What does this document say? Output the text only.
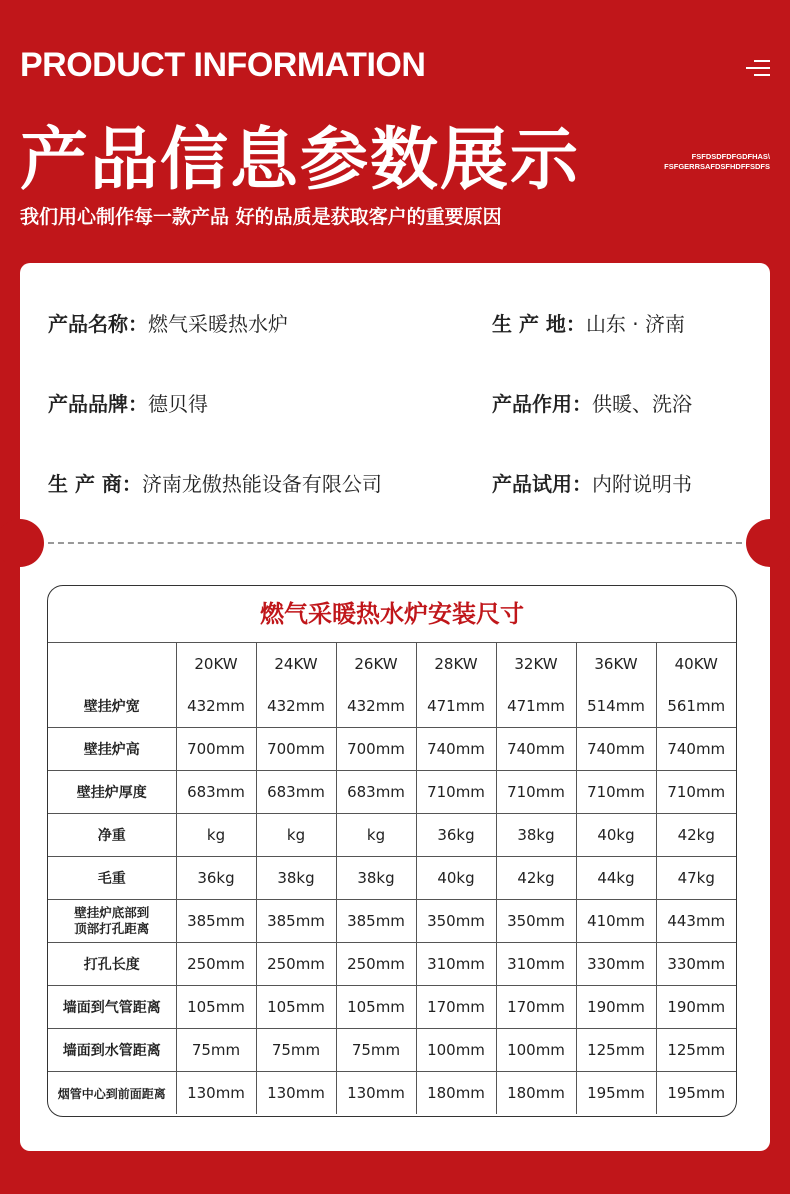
PRODUCT INFORMATION
产品信息参数展示	FSFDSDFDFGDFHAS\
FSFGERRSAFDSFHDFFSDFS
我们用心制作每一款产品 好的品质是获取客户的重要原因
产品名称：燃气采暖热水炉	生 产 地：山东 · 济南
产品品牌：德贝得	产品作用：供暖、洗浴
生 产 商：济南龙傲热能设备有限公司	产品试用：内附说明书
燃气采暖热水炉安装尺寸
	20KW	24KW	26KW	28KW	32KW	36KW	40KW
壁挂炉宽	432mm	432mm	432mm	471mm	471mm	514mm	561mm
壁挂炉高	700mm	700mm	700mm	740mm	740mm	740mm	740mm
壁挂炉厚度	683mm	683mm	683mm	710mm	710mm	710mm	710mm
净重	kg	kg	kg	36kg	38kg	40kg	42kg
毛重	36kg	38kg	38kg	40kg	42kg	44kg	47kg

壁挂炉底部到
顶部打孔距离	385mm	385mm	385mm	350mm	350mm	410mm	443mm
打孔长度	250mm	250mm	250mm	310mm	310mm	330mm	330mm
墙面到气管距离	105mm	105mm	105mm	170mm	170mm	190mm	190mm
墙面到水管距离	75mm	75mm	75mm	100mm	100mm	125mm	125mm
烟管中心到前面距离	130mm	130mm	130mm	180mm	180mm	195mm	195mm
